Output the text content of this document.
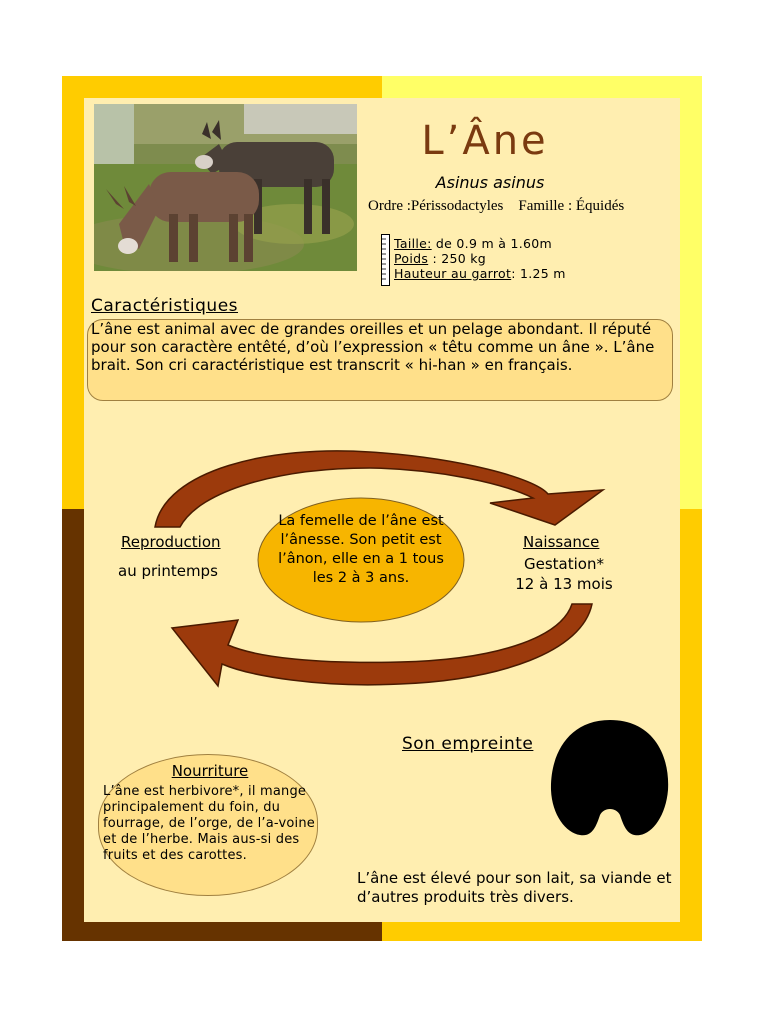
L’Âne
Asinus asinus
Ordre :Périssodactyles    Famille : Équidés
Taille: de 0.9 m à 1.60m
Poids : 250 kg
Hauteur au garrot: 1.25 m
Caractéristiques
L’âne est animal avec de grandes oreilles et un pelage abondant. Il réputé pour son caractère entêté, d’où l’expression « têtu comme un âne ». L’âne brait. Son cri caractéristique est transcrit « hi-han » en français.
La femelle de l’âne est l’ânesse. Son petit est l’ânon, elle en a 1 tous les 2 à 3 ans.
Reproduction
au printemps
Naissance
Gestation*
12 à 13 mois
Son empreinte
Nourriture
L’âne est herbivore*, il mange principalement du foin, du fourrage, de l’orge, de l’a-voine et de l’herbe. Mais aus-si des fruits et des carottes.
L’âne est élevé pour son lait, sa viande et d’autres produits très divers.
